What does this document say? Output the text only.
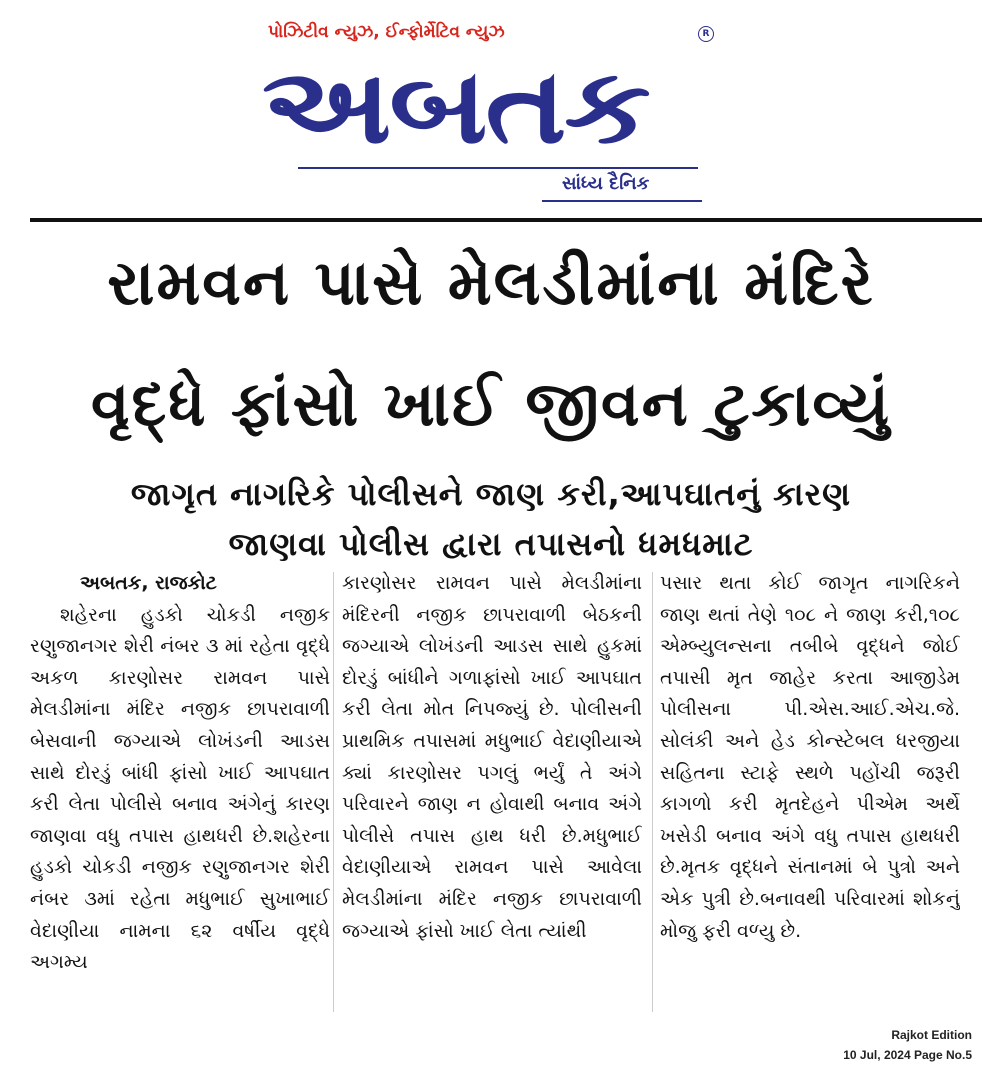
પોઝિટીવ ન્યુઝ, ઈન્ફોર્મેટિવ ન્યુઝ	R
અબતક
સાંધ્ય દૈનિક
રામવન પાસે મેલડીમાંના મંદિરે
વૃદ્ધે ફાંસો ખાઈ જીવન ટુકાવ્યું
જાગૃત નાગરિકે પોલીસને જાણ કરી,આપઘાતનું કારણ
જાણવા પોલીસ દ્વારા તપાસનો ધમધમાટ
અબતક, રાજકોટ
શહેરના હુડકો ચોકડી નજીક રણુજાનગર શેરી નંબર ૩ માં રહેતા વૃદ્ધે અકળ કારણોસર રામવન પાસે મેલડીમાંના મંદિર નજીક છાપરાવાળી બેસવાની જગ્યાએ લોખંડની આડસ સાથે દોરડું બાંધી ફાંસો ખાઈ આપઘાત કરી લેતા પોલીસે બનાવ અંગેનું કારણ જાણવા વધુ તપાસ હાથધરી છે.શહેરના હુડકો ચોકડી નજીક રણુજાનગર શેરી નંબર ૩માં રહેતા મધુભાઈ સુખાભાઈ વેદાણીયા નામના ૬૨ વર્ષીય વૃદ્ધે અગમ્ય
કારણોસર રામવન પાસે મેલડીમાંના મંદિરની નજીક છાપરાવાળી બેઠકની જગ્યાએ લોખંડની આડસ સાથે હુકમાં દોરડું બાંધીને ગળાફાંસો ખાઈ આપઘાત કરી લેતા મોત નિપજ્યું છે. પોલીસની પ્રાથમિક તપાસમાં મધુભાઈ વેદાણીયાએ ક્યાં કારણોસર પગલું ભર્યું તે અંગે પરિવારને જાણ ન હોવાથી બનાવ અંગે પોલીસે તપાસ હાથ ધરી છે.મધુભાઈ વેદાણીયાએ રામવન પાસે આવેલા મેલડીમાંના મંદિર નજીક છાપરાવાળી જગ્યાએ ફાંસો ખાઈ લેતા ત્યાંથી
પસાર થતા કોઈ જાગૃત નાગરિકને જાણ થતાં તેણે ૧૦૮ ને જાણ કરી,૧૦૮ એમ્બ્યુલન્સના તબીબે વૃદ્ધને જોઈ તપાસી મૃત જાહેર કરતા આજીડેમ પોલીસના પી.એસ.આઈ.એચ.જે. સોલંકી અને હેડ કોન્સ્ટેબલ ધરજીયા સહિતના સ્ટાફે સ્થળે પહોંચી જરૂરી કાગળો કરી મૃતદેહને પીએમ અર્થે ખસેડી બનાવ અંગે વધુ તપાસ હાથધરી છે.મૃતક વૃદ્ધને સંતાનમાં બે પુત્રો અને એક પુત્રી છે.બનાવથી પરિવારમાં શોકનું મોજુ ફરી વળ્યુ છે.
Rajkot Edition
10 Jul, 2024 Page No.5
